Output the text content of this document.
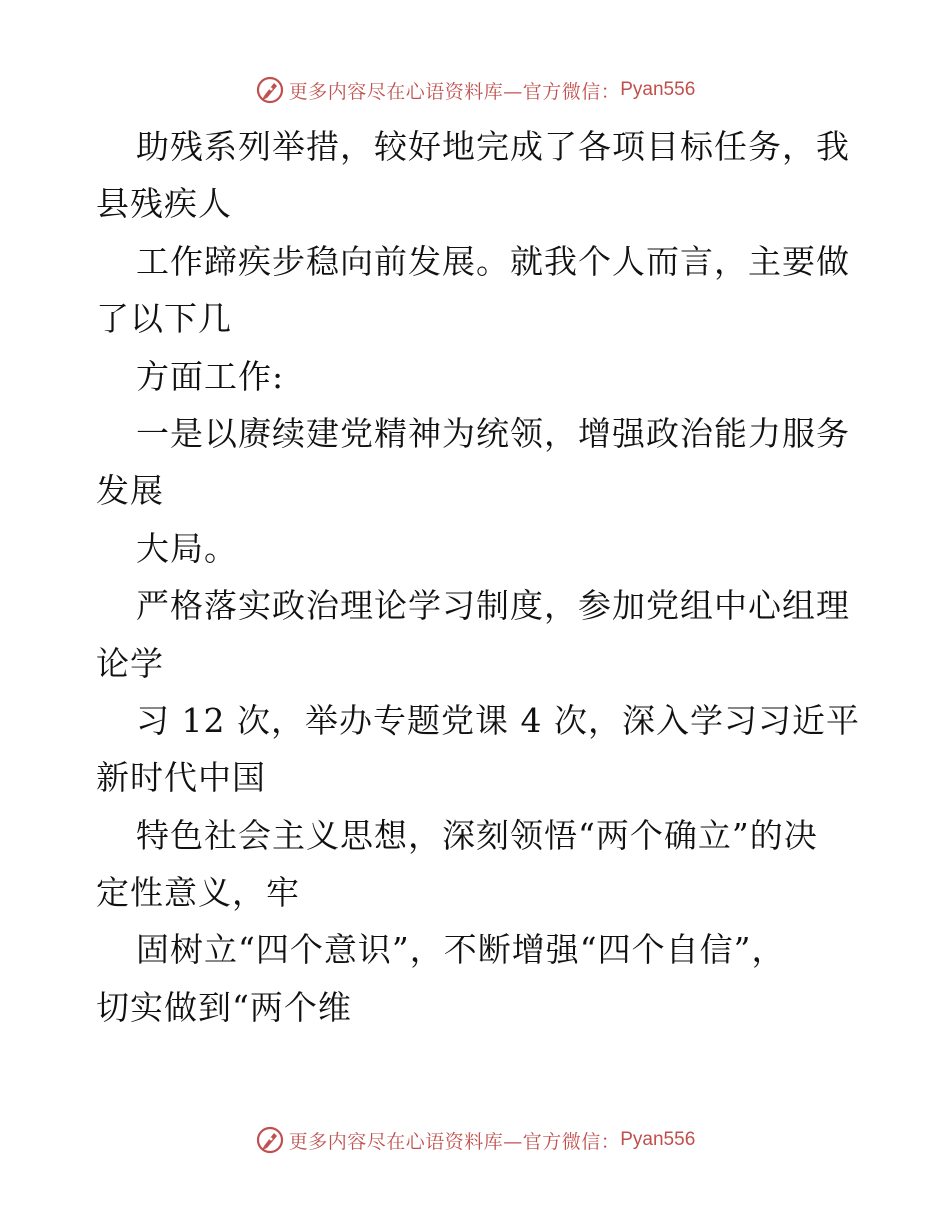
更多内容尽在心语资料库—官方微信： Pyan556
助残系列举措，较好地完成了各项目标任务，我
县残疾人
工作蹄疾步稳向前发展。就我个人而言，主要做
了以下几
方面工作:
一是以赓续建党精神为统领，增强政治能力服务
发展
大局。
严格落实政治理论学习制度，参加党组中心组理
论学
习 12 次，举办专题党课 4 次，深入学习习近平
新时代中国
特色社会主义思想，深刻领悟“两个确立”的决
定性意义，牢
固树立“四个意识”，不断增强“四个自信”，
切实做到“两个维
更多内容尽在心语资料库—官方微信： Pyan556
